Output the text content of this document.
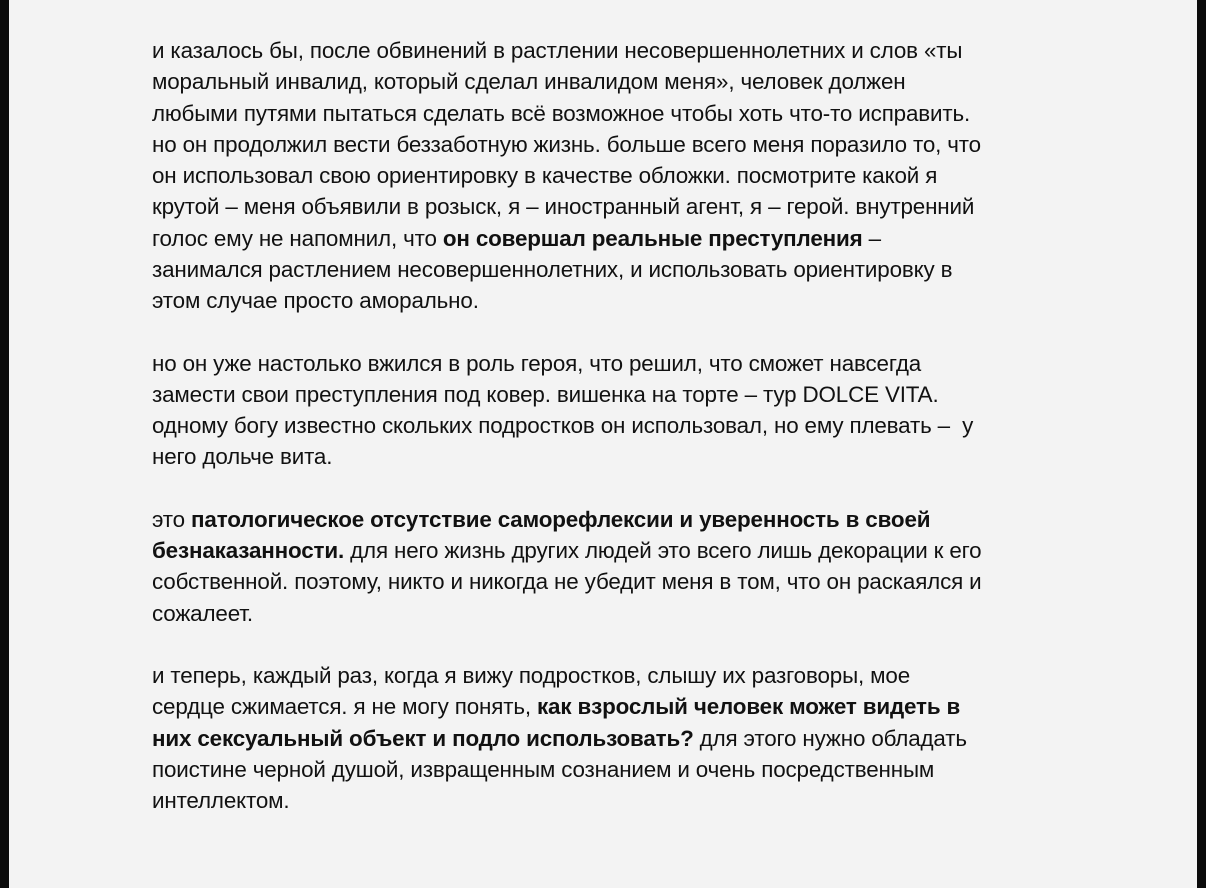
и казалось бы, после обвинений в растлении несовершеннолетних и слов «ты
моральный инвалид, который сделал инвалидом меня», человек должен
любыми путями пытаться сделать всё возможное чтобы хоть что-то исправить.
но он продолжил вести беззаботную жизнь. больше всего меня поразило то, что
он использовал свою ориентировку в качестве обложки. посмотрите какой я
крутой – меня объявили в розыск, я – иностранный агент, я – герой. внутренний
голос ему не напомнил, что он совершал реальные преступления –
занимался растлением несовершеннолетних, и использовать ориентировку в
этом случае просто аморально.

но он уже настолько вжился в роль героя, что решил, что сможет навсегда
замести свои преступления под ковер. вишенка на торте – тур DOLCE VITA.
одному богу известно скольких подростков он использовал, но ему плевать –  у
него дольче вита.

это патологическое отсутствие саморефлексии и уверенность в своей
безнаказанности. для него жизнь других людей это всего лишь декорации к его
собственной. поэтому, никто и никогда не убедит меня в том, что он раскаялся и
сожалеет.

и теперь, каждый раз, когда я вижу подростков, слышу их разговоры, мое
сердце сжимается. я не могу понять, как взрослый человек может видеть в
них сексуальный объект и подло использовать? для этого нужно обладать
поистине черной душой, извращенным сознанием и очень посредственным
интеллектом.
